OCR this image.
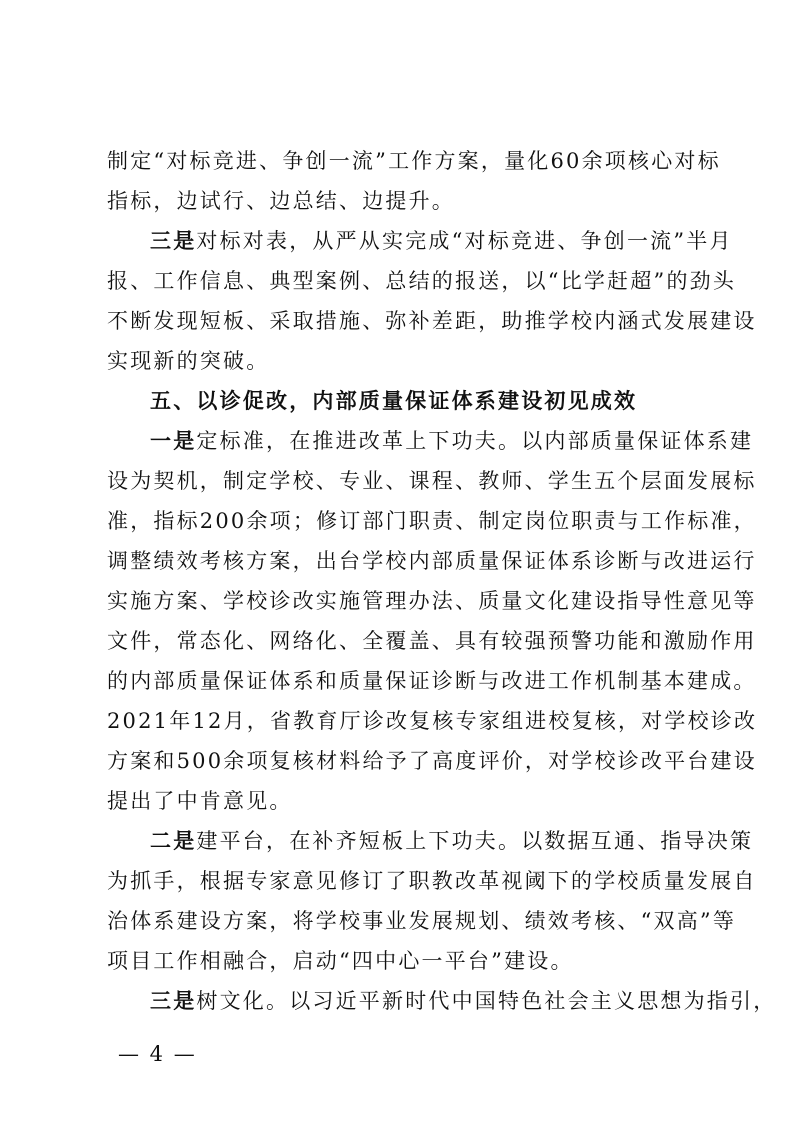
制定“对标竞进、争创一流”工作方案，量化60余项核心对标
指标，边试行、边总结、边提升。
三是对标对表，从严从实完成“对标竞进、争创一流”半月
报、工作信息、典型案例、总结的报送，以“比学赶超”的劲头
不断发现短板、采取措施、弥补差距，助推学校内涵式发展建设
实现新的突破。
五、以诊促改，内部质量保证体系建设初见成效
一是定标准，在推进改革上下功夫。以内部质量保证体系建
设为契机，制定学校、专业、课程、教师、学生五个层面发展标
准，指标200余项；修订部门职责、制定岗位职责与工作标准，
调整绩效考核方案，出台学校内部质量保证体系诊断与改进运行
实施方案、学校诊改实施管理办法、质量文化建设指导性意见等
文件，常态化、网络化、全覆盖、具有较强预警功能和激励作用
的内部质量保证体系和质量保证诊断与改进工作机制基本建成。
2021年12月，省教育厅诊改复核专家组进校复核，对学校诊改
方案和500余项复核材料给予了高度评价，对学校诊改平台建设
提出了中肯意见。
二是建平台，在补齐短板上下功夫。以数据互通、指导决策
为抓手，根据专家意见修订了职教改革视阈下的学校质量发展自
治体系建设方案，将学校事业发展规划、绩效考核、“双高”等
项目工作相融合，启动“四中心一平台”建设。
三是树文化。以习近平新时代中国特色社会主义思想为指引，
— 4 —
